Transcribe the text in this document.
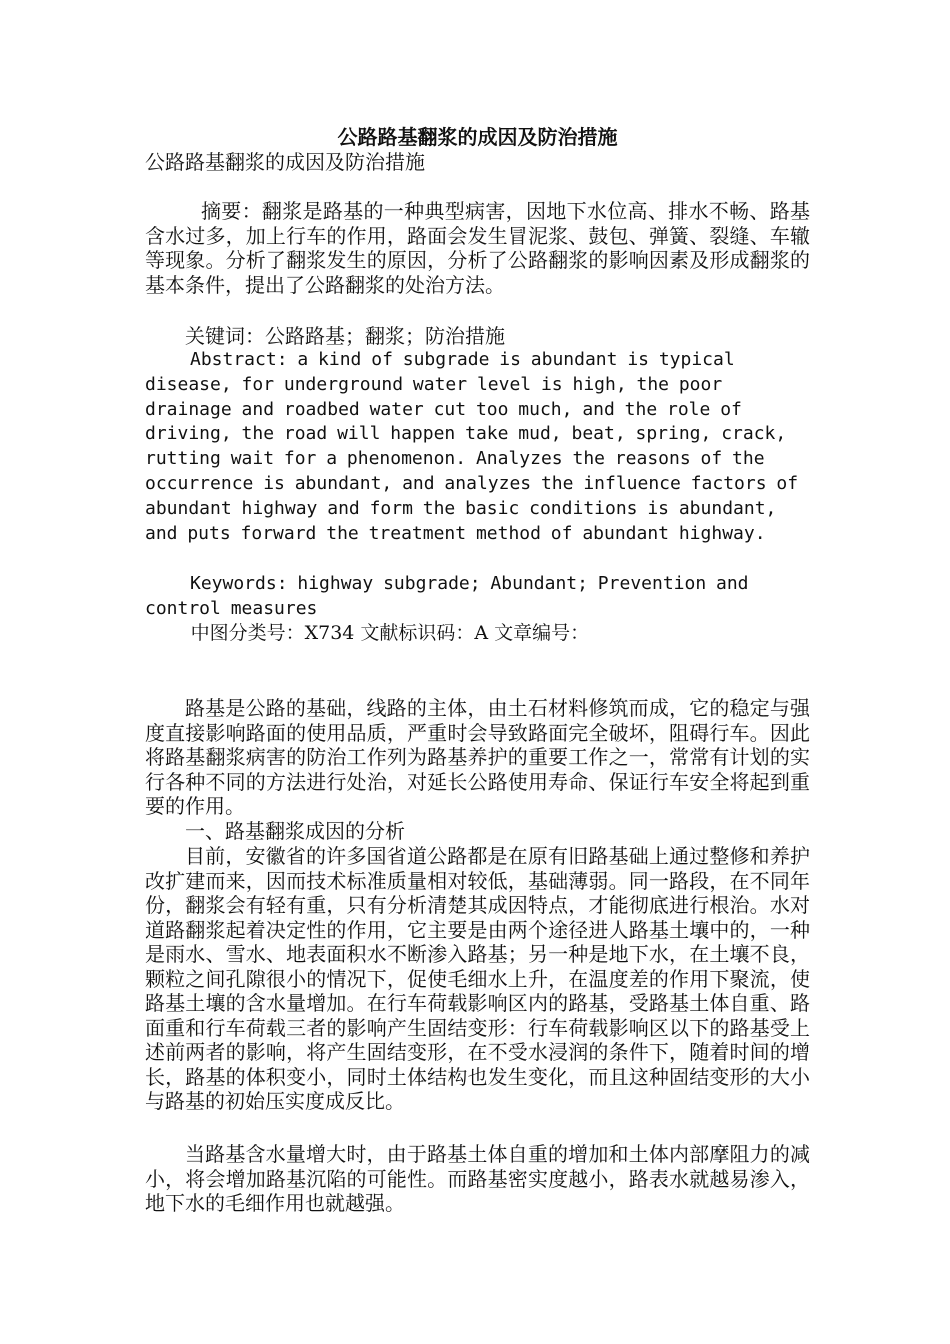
公路路基翻浆的成因及防治措施
公路路基翻浆的成因及防治措施

摘要：翻浆是路基的一种典型病害，因地下水位高、排水不畅、路基含水过多，加上行车的作用，路面会发生冒泥浆、鼓包、弹簧、裂缝、车辙等现象。分析了翻浆发生的原因，分析了公路翻浆的影响因素及形成翻浆的基本条件，提出了公路翻浆的处治方法。

关键词：公路路基；翻浆；防治措施

Abstract: a kind of subgrade is abundant is typical disease, for underground water level is high, the poor drainage and roadbed water cut too much, and the role of driving, the road will happen take mud, beat, spring, crack, rutting wait for a phenomenon. Analyzes the reasons of the occurrence is abundant, and analyzes the influence factors of abundant highway and form the basic conditions is abundant, and puts forward the treatment method of abundant highway.

Keywords: highway subgrade; Abundant; Prevention and control measures

中图分类号：X734 文献标识码：A 文章编号：

路基是公路的基础，线路的主体，由土石材料修筑而成，它的稳定与强度直接影响路面的使用品质，严重时会导致路面完全破坏，阻碍行车。因此将路基翻浆病害的防治工作列为路基养护的重要工作之一，常常有计划的实行各种不同的方法进行处治，对延长公路使用寿命、保证行车安全将起到重要的作用。

一、路基翻浆成因的分析

目前，安徽省的许多国省道公路都是在原有旧路基础上通过整修和养护改扩建而来，因而技术标准质量相对较低，基础薄弱。同一路段，在不同年份，翻浆会有轻有重，只有分析清楚其成因特点，才能彻底进行根治。水对道路翻浆起着决定性的作用，它主要是由两个途径进人路基土壤中的，一种是雨水、雪水、地表面积水不断渗入路基；另一种是地下水，在土壤不良，颗粒之间孔隙很小的情况下，促使毛细水上升，在温度差的作用下聚流，使路基土壤的含水量增加。在行车荷载影响区内的路基，受路基土体自重、路面重和行车荷载三者的影响产生固结变形：行车荷载影响区以下的路基受上述前两者的影响，将产生固结变形，在不受水浸润的条件下，随着时间的增长，路基的体积变小，同时土体结构也发生变化，而且这种固结变形的大小与路基的初始压实度成反比。

当路基含水量增大时，由于路基土体自重的增加和土体内部摩阻力的减小，将会增加路基沉陷的可能性。而路基密实度越小，路表水就越易渗入，地下水的毛细作用也就越强。
